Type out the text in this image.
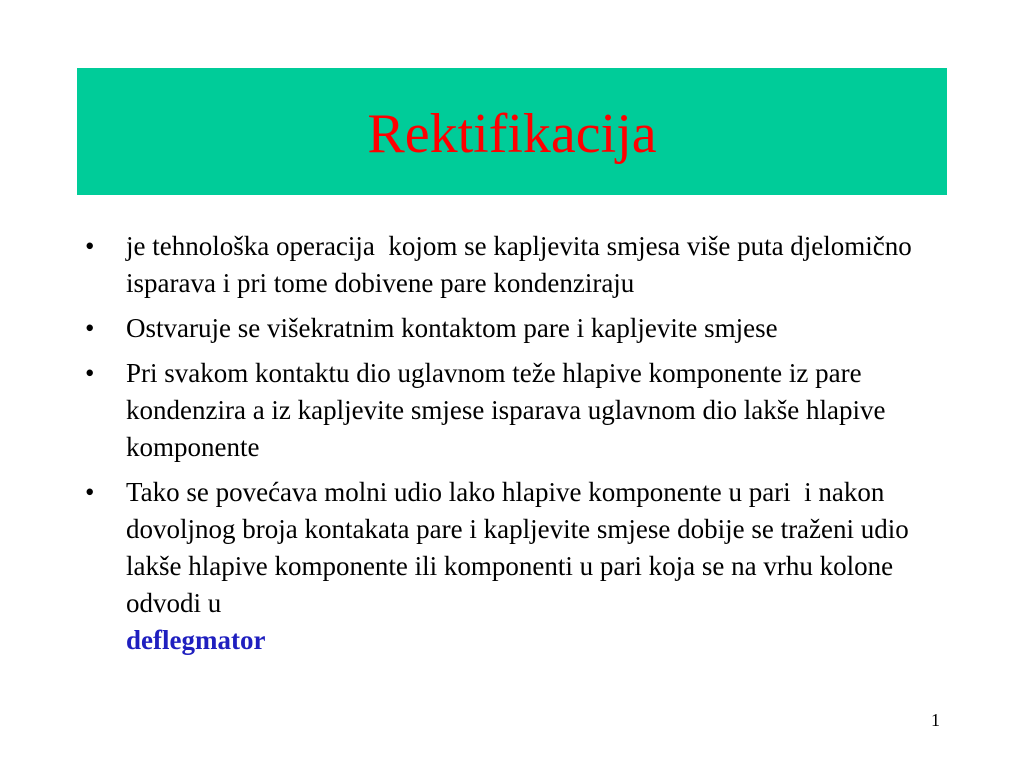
Rektifikacija
•	je tehnološka operacija  kojom se kapljevita smjesa više puta djelomično isparava i pri tome dobivene pare kondenziraju
•	Ostvaruje se višekratnim kontaktom pare i kapljevite smjese
•	Pri svakom kontaktu dio uglavnom teže hlapive komponente iz pare kondenzira a iz kapljevite smjese isparava uglavnom dio lakše hlapive komponente
•	Tako se povećava molni udio lako hlapive komponente u pari  i nakon dovoljnog broja kontakata pare i kapljevite smjese dobije se traženi udio lakše hlapive komponente ili komponenti u pari koja se na vrhu kolone odvodi u
deflegmator
1
